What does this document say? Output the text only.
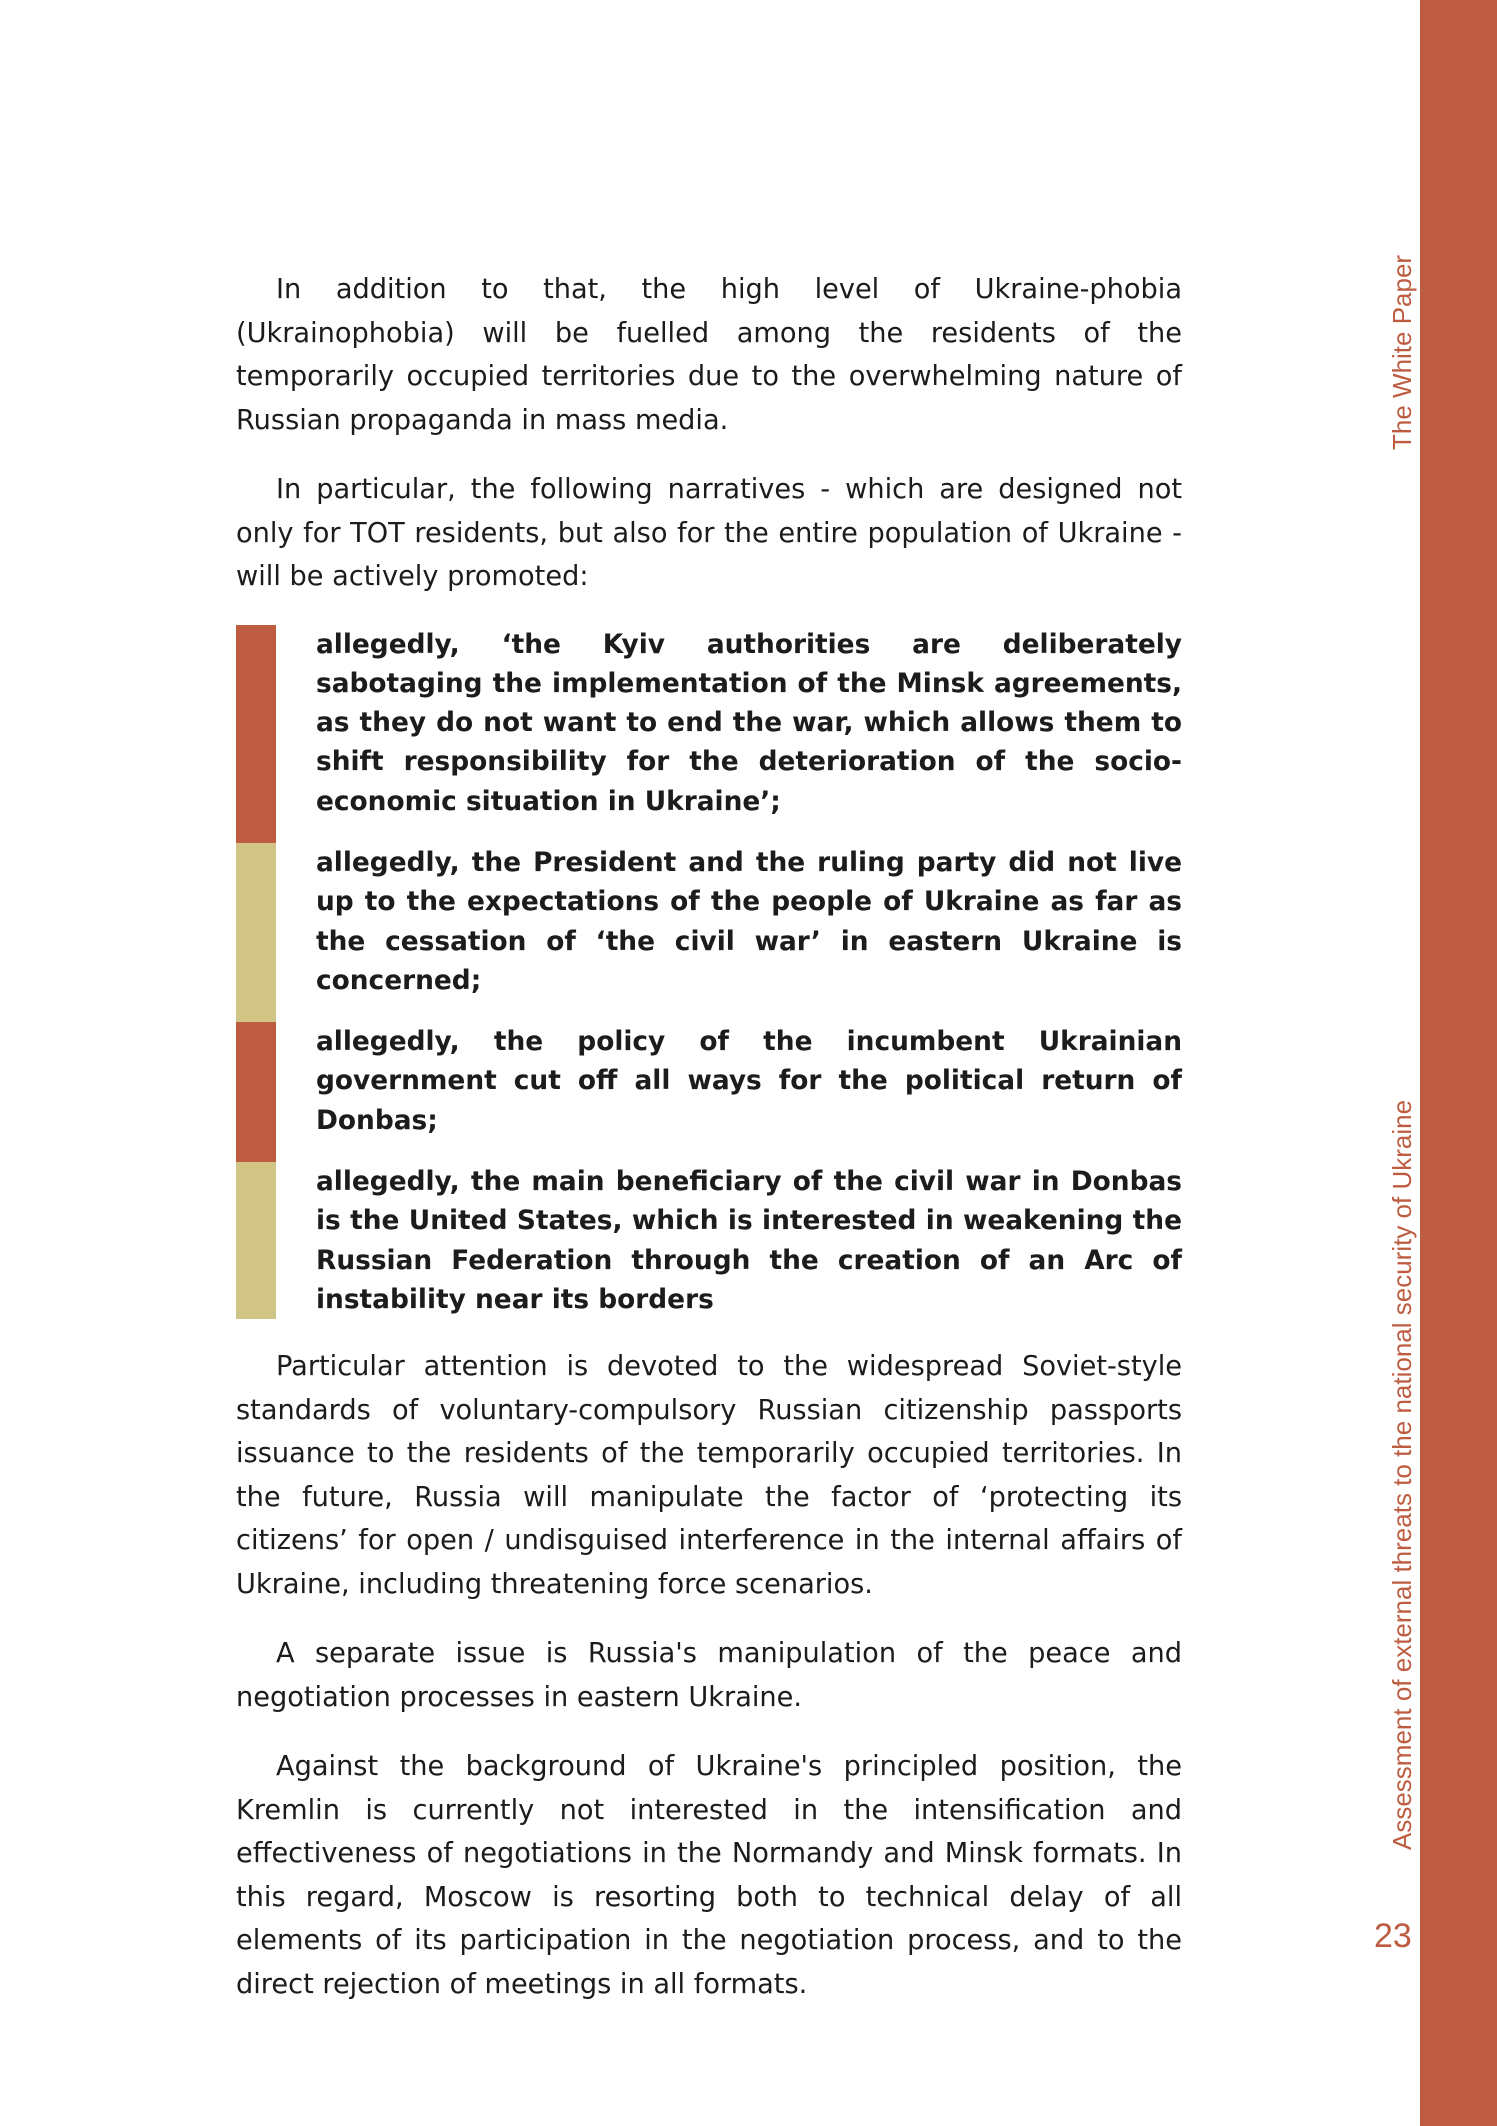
The White Paper
Assessment of external threats to the national security of Ukraine
23

In addition to that, the high level of Ukraine-phobia (Ukrainophobia) will be fuelled among the residents of the temporarily occupied territories due to the overwhelming nature of Russian propaganda in mass media.

In particular, the following narratives - which are designed not only for TOT residents, but also for the entire population of Ukraine - will be actively promoted:

allegedly, ‘the Kyiv authorities are deliberately sabotaging the implementation of the Minsk agreements, as they do not want to end the war, which allows them to shift responsibility for the deterioration of the socio-economic situation in Ukraine’;

allegedly, the President and the ruling party did not live up to the expectations of the people of Ukraine as far as the cessation of ‘the civil war’ in eastern Ukraine is concerned;

allegedly, the policy of the incumbent Ukrainian government cut off all ways for the political return of Donbas;

allegedly, the main beneficiary of the civil war in Donbas is the United States, which is interested in weakening the Russian Federation through the creation of an Arc of instability near its borders

Particular attention is devoted to the widespread Soviet-style standards of voluntary-compulsory Russian citizenship passports issuance to the residents of the temporarily occupied territories. In the future, Russia will manipulate the factor of ‘protecting its citizens’ for open / undisguised interference in the internal affairs of Ukraine, including threatening force scenarios.

A separate issue is Russia's manipulation of the peace and negotiation processes in eastern Ukraine.

Against the background of Ukraine's principled position, the Kremlin is currently not interested in the intensification and effectiveness of negotiations in the Normandy and Minsk formats. In this regard, Moscow is resorting both to technical delay of all elements of its participation in the negotiation process, and to the direct rejection of meetings in all formats.
